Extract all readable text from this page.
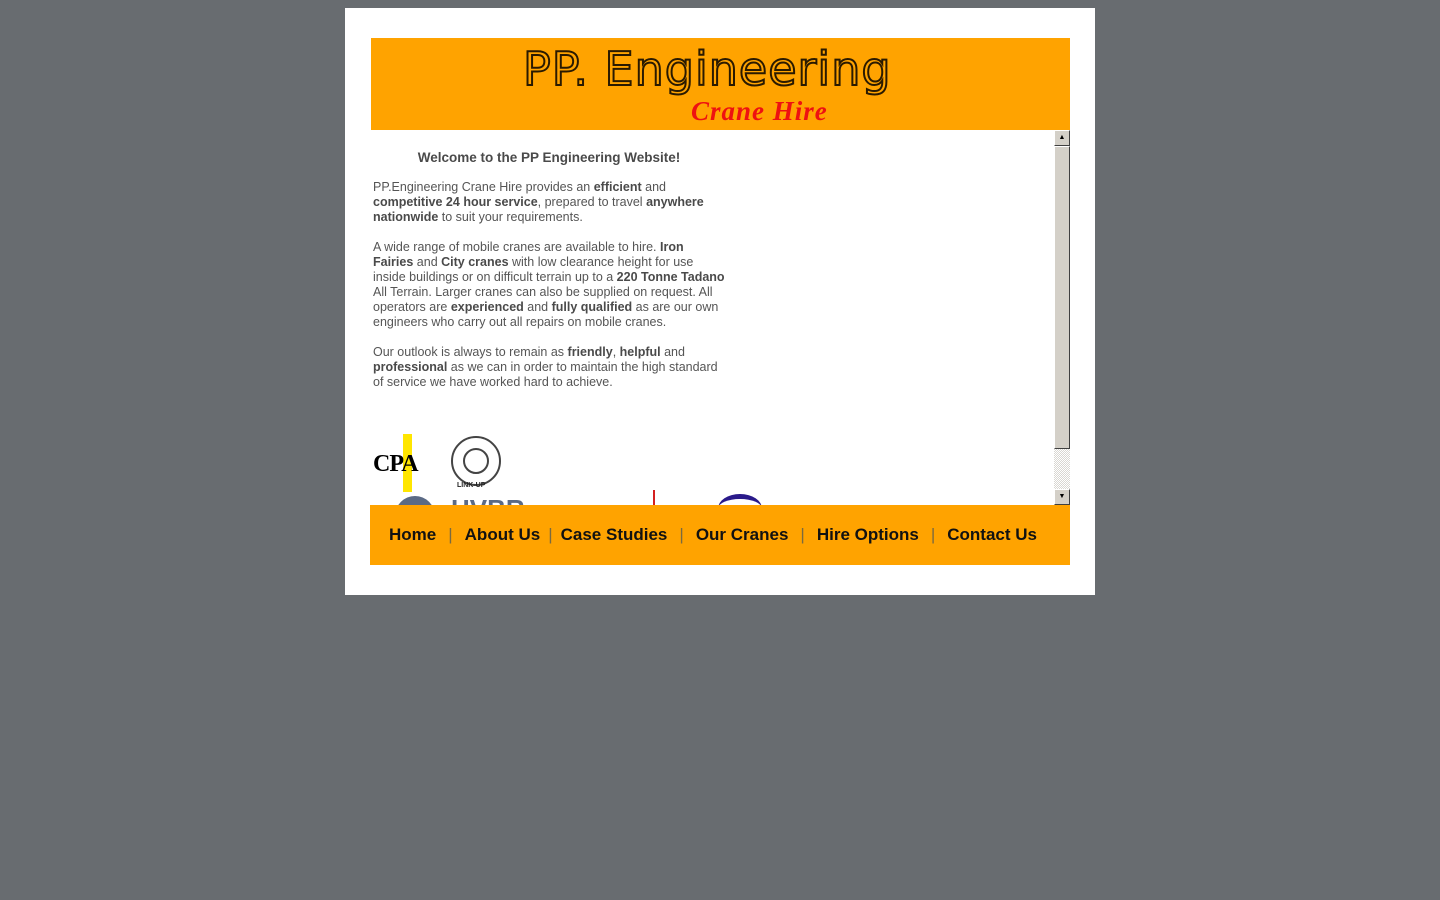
PP. Engineering
Crane Hire
Welcome to the PP Engineering Website!

PP.Engineering Crane Hire provides an efficient and competitive 24 hour service, prepared to travel anywhere nationwide to suit your requirements.

A wide range of mobile cranes are available to hire. Iron Fairies and City cranes with low clearance height for use inside buildings or on difficult terrain up to a 220 Tonne Tadano All Terrain. Larger cranes can also be supplied on request. All operators are experienced and fully qualified as are our own engineers who carry out all repairs on mobile cranes.

Our outlook is always to remain as friendly, helpful and professional as we can in order to maintain the high standard of service we have worked hard to achieve.

CPA
LINK-UP
▲
▼
Home | About Us | Case Studies | Our Cranes | Hire Options | Contact Us
